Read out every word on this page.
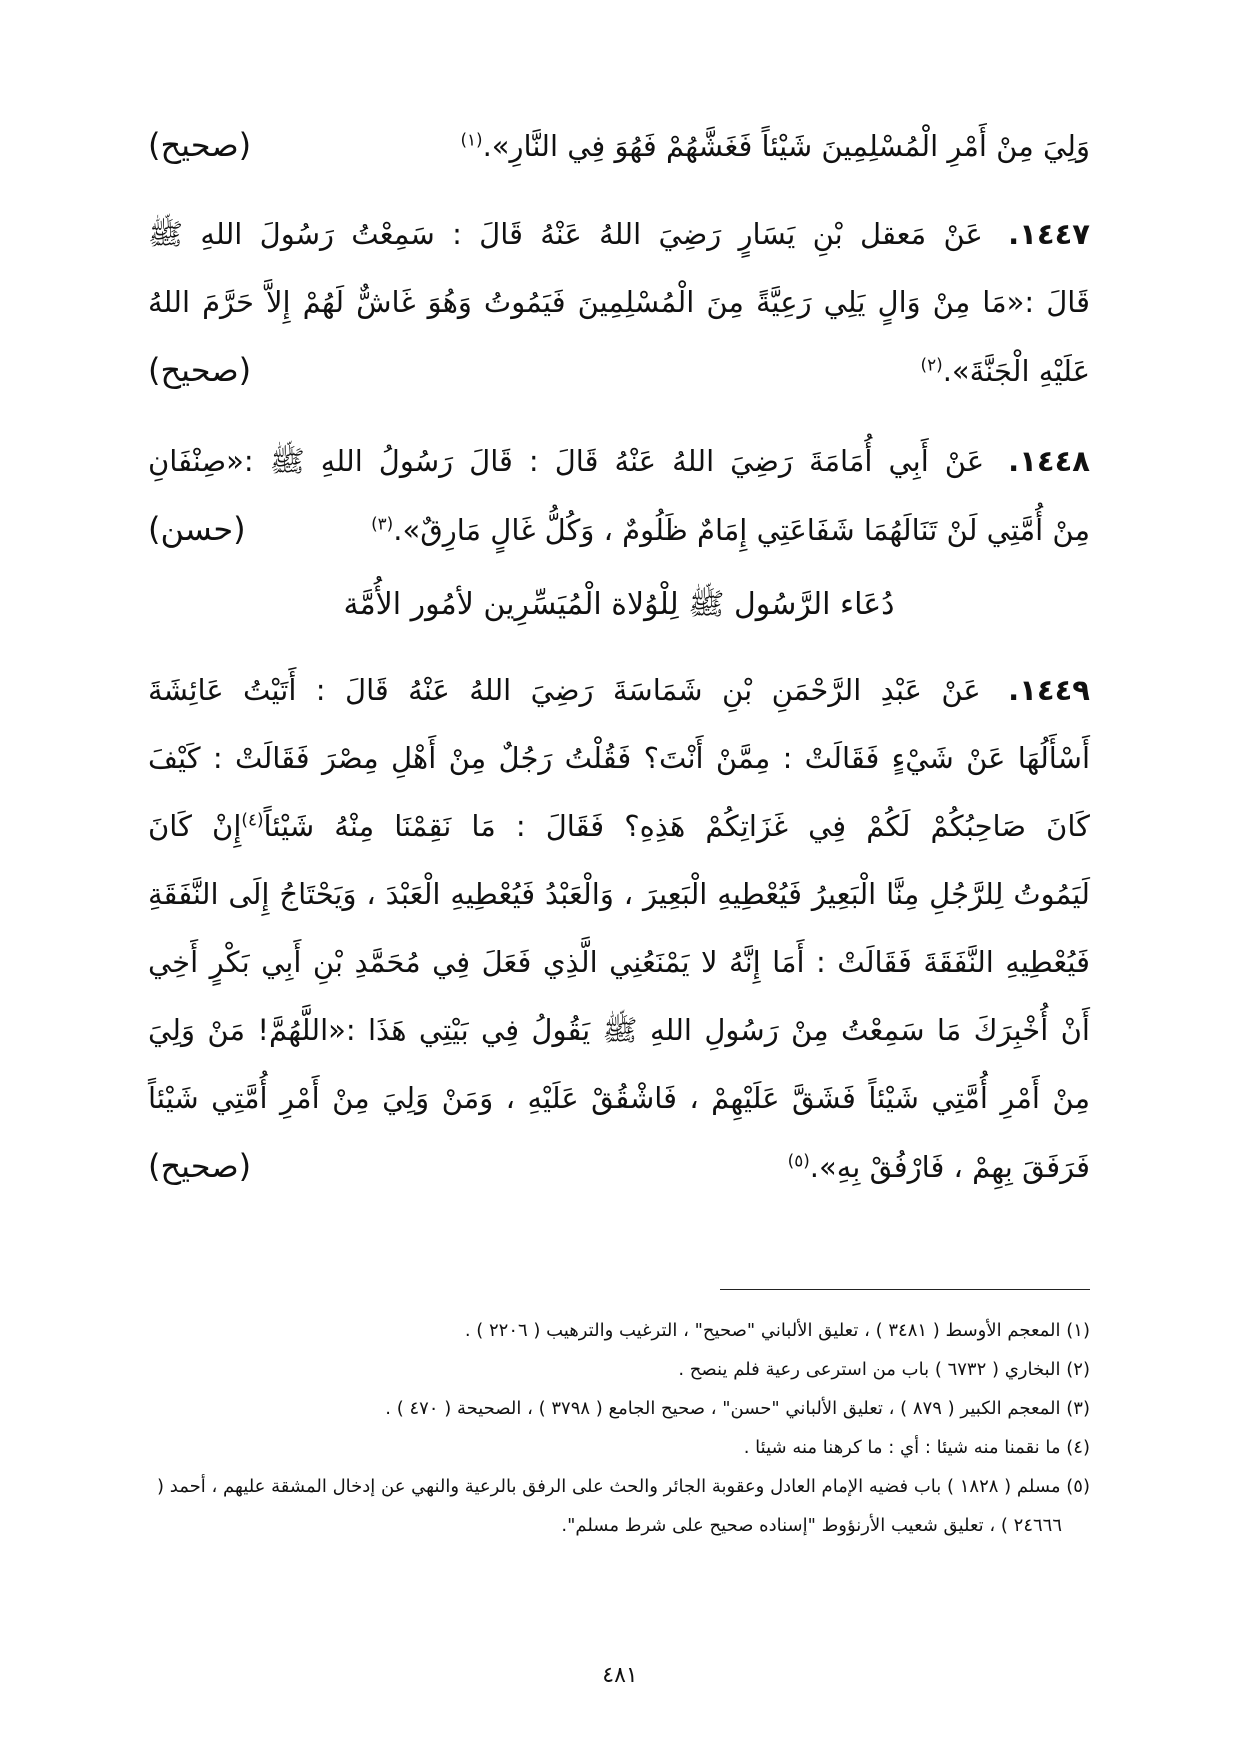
وَلِيَ مِنْ أَمْرِ الْمُسْلِمِينَ شَيْئاً فَغَشَّهُمْ فَهُوَ فِي النَّارِ».$^{(١)}$
(صحيح)
١٤٤٧. عَنْ مَعقل بْنِ يَسَارٍ رَضِيَ اللهُ عَنْهُ قَالَ : سَمِعْتُ رَسُولَ اللهِ ﷺ
قَالَ :«مَا مِنْ وَالٍ يَلِي رَعِيَّةً مِنَ الْمُسْلِمِينَ فَيَمُوتُ وَهُوَ غَاشٌّ لَهُمْ إِلاَّ حَرَّمَ اللهُ
عَلَيْهِ الْجَنَّةَ».$^{(٢)}$
(صحيح)
١٤٤٨. عَنْ أَبِي أُمَامَةَ رَضِيَ اللهُ عَنْهُ قَالَ : قَالَ رَسُولُ اللهِ ﷺ :«صِنْفَانِ
مِنْ أُمَّتِي لَنْ تَنَالَهُمَا شَفَاعَتِي إِمَامٌ ظَلُومٌ ، وَكُلُّ غَالٍ مَارِقٌ».$^{(٣)}$
(حسن)
دُعَاء الرَّسُول ﷺ لِلْوُلاة الْمُيَسِّرِين لأمُور الأُمَّة
١٤٤٩. عَنْ عَبْدِ الرَّحْمَنِ بْنِ شَمَاسَةَ رَضِيَ اللهُ عَنْهُ قَالَ : أَتَيْتُ عَائِشَةَ
أَسْأَلُهَا عَنْ شَيْءٍ فَقَالَتْ : مِمَّنْ أَنْتَ؟ فَقُلْتُ رَجُلٌ مِنْ أَهْلِ مِصْرَ فَقَالَتْ : كَيْفَ
كَانَ صَاحِبُكُمْ لَكُمْ فِي غَزَاتِكُمْ هَذِهِ؟ فَقَالَ : مَا نَقِمْنَا مِنْهُ شَيْئاً$^{(٤)}$إِنْ كَانَ
لَيَمُوتُ لِلرَّجُلِ مِنَّا الْبَعِيرُ فَيُعْطِيهِ الْبَعِيرَ ، وَالْعَبْدُ فَيُعْطِيهِ الْعَبْدَ ، وَيَحْتَاجُ إِلَى النَّفَقَةِ
فَيُعْطِيهِ النَّفَقَةَ فَقَالَتْ : أَمَا إِنَّهُ لا يَمْنَعُنِي الَّذِي فَعَلَ فِي مُحَمَّدِ بْنِ أَبِي بَكْرٍ أَخِي
أَنْ أُخْبِرَكَ مَا سَمِعْتُ مِنْ رَسُولِ اللهِ ﷺ يَقُولُ فِي بَيْتِي هَذَا :«اللَّهُمَّ! مَنْ وَلِيَ
مِنْ أَمْرِ أُمَّتِي شَيْئاً فَشَقَّ عَلَيْهِمْ ، فَاشْقُقْ عَلَيْهِ ، وَمَنْ وَلِيَ مِنْ أَمْرِ أُمَّتِي شَيْئاً
فَرَفَقَ بِهِمْ ، فَارْفُقْ بِهِ».$^{(٥)}$
(صحيح)
(١) المعجم الأوسط ( ٣٤٨١ ) ، تعليق الألباني "صحيح" ، الترغيب والترهيب ( ٢٢٠٦ ) .
(٢) البخاري ( ٦٧٣٢ ) باب من استرعى رعية فلم ينصح .
(٣) المعجم الكبير ( ٨٧٩ ) ، تعليق الألباني "حسن" ، صحيح الجامع ( ٣٧٩٨ ) ، الصحيحة ( ٤٧٠ ) .
(٤) ما نقمنا منه شيئا : أي : ما كرهنا منه شيئا .
(٥) مسلم ( ١٨٢٨ ) باب فضيه الإمام العادل وعقوبة الجائر والحث على الرفق بالرعية والنهي عن إدخال المشقة عليهم ، أحمد ( ٢٤٦٦٦ ) ، تعليق شعيب الأرنؤوط "إسناده صحيح على شرط مسلم".
٤٨١
